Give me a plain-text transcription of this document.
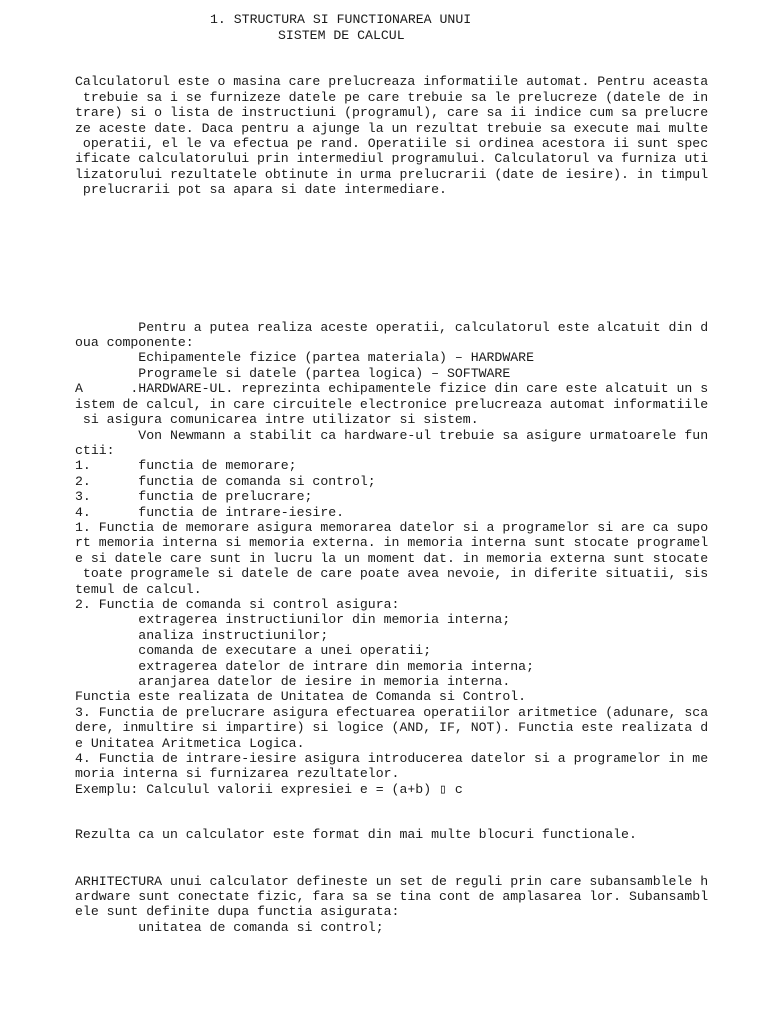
1. STRUCTURA SI FUNCTIONAREA UNUI
SISTEM DE CALCUL
Calculatorul este o masina care prelucreaza informatiile automat. Pentru aceasta
trebuie sa i se furnizeze datele pe care trebuie sa le prelucreze (datele de in
trare) si o lista de instructiuni (programul), care sa ii indice cum sa prelucre
ze aceste date. Daca pentru a ajunge la un rezultat trebuie sa execute mai multe
operatii, el le va efectua pe rand. Operatiile si ordinea acestora ii sunt spec
ificate calculatorului prin intermediul programului. Calculatorul va furniza uti
lizatorului rezultatele obtinute in urma prelucrarii (date de iesire). in timpul
prelucrarii pot sa apara si date intermediare.
Pentru a putea realiza aceste operatii, calculatorul este alcatuit din d
oua componente:
Echipamentele fizice (partea materiala) – HARDWARE
Programele si datele (partea logica) – SOFTWARE
A      .HARDWARE-UL. reprezinta echipamentele fizice din care este alcatuit un s
istem de calcul, in care circuitele electronice prelucreaza automat informatiile
si asigura comunicarea intre utilizator si sistem.
Von Newmann a stabilit ca hardware-ul trebuie sa asigure urmatoarele fun
ctii:
1.      functia de memorare;
2.      functia de comanda si control;
3.      functia de prelucrare;
4.      functia de intrare-iesire.
1. Functia de memorare asigura memorarea datelor si a programelor si are ca supo
rt memoria interna si memoria externa. in memoria interna sunt stocate programel
e si datele care sunt in lucru la un moment dat. in memoria externa sunt stocate
toate programele si datele de care poate avea nevoie, in diferite situatii, sis
temul de calcul.
2. Functia de comanda si control asigura:
extragerea instructiunilor din memoria interna;
analiza instructiunilor;
comanda de executare a unei operatii;
extragerea datelor de intrare din memoria interna;
aranjarea datelor de iesire in memoria interna.
Functia este realizata de Unitatea de Comanda si Control.
3. Functia de prelucrare asigura efectuarea operatiilor aritmetice (adunare, sca
dere, inmultire si impartire) si logice (AND, IF, NOT). Functia este realizata d
e Unitatea Aritmetica Logica.
4. Functia de intrare-iesire asigura introducerea datelor si a programelor in me
moria interna si furnizarea rezultatelor.
Exemplu: Calculul valorii expresiei e = (a+b) ▯ c
Rezulta ca un calculator este format din mai multe blocuri functionale.
ARHITECTURA unui calculator defineste un set de reguli prin care subansamblele h
ardware sunt conectate fizic, fara sa se tina cont de amplasarea lor. Subansambl
ele sunt definite dupa functia asigurata:
unitatea de comanda si control;
